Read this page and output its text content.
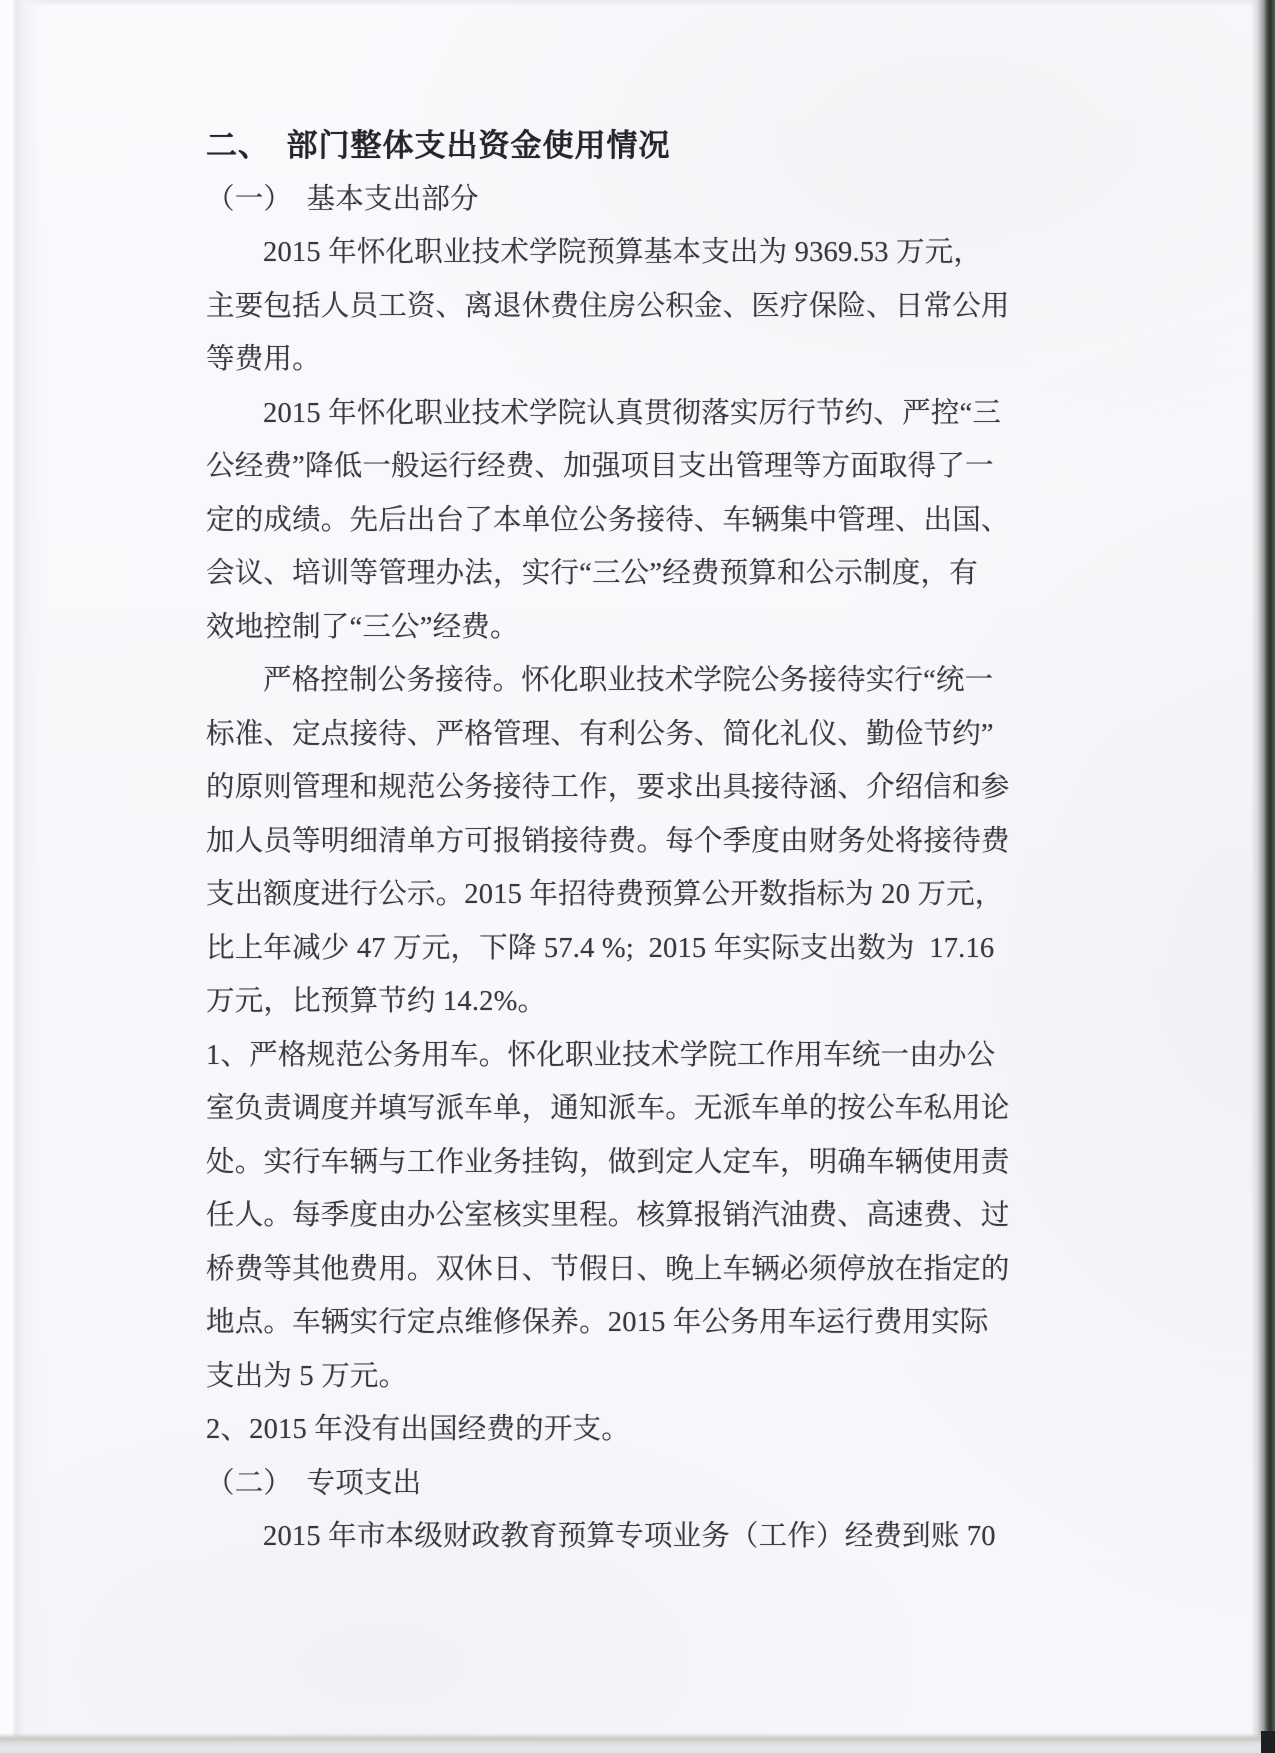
二、　部门整体支出资金使用情况
（一）　基本支出部分
2015 年怀化职业技术学院预算基本支出为 9369.53 万元，
主要包括人员工资、离退休费住房公积金、医疗保险、日常公用
等费用。
2015 年怀化职业技术学院认真贯彻落实厉行节约、严控“三
公经费”降低一般运行经费、加强项目支出管理等方面取得了一
定的成绩。先后出台了本单位公务接待、车辆集中管理、出国、
会议、培训等管理办法，实行“三公”经费预算和公示制度，有
效地控制了“三公”经费。
严格控制公务接待。怀化职业技术学院公务接待实行“统一
标准、定点接待、严格管理、有利公务、简化礼仪、勤俭节约”
的原则管理和规范公务接待工作，要求出具接待涵、介绍信和参
加人员等明细清单方可报销接待费。每个季度由财务处将接待费
支出额度进行公示。2015 年招待费预算公开数指标为 20 万元，
比上年减少 47 万元，下降 57.4 %;  2015 年实际支出数为  17.16
万元，比预算节约 14.2%。
1、严格规范公务用车。怀化职业技术学院工作用车统一由办公
室负责调度并填写派车单，通知派车。无派车单的按公车私用论
处。实行车辆与工作业务挂钩，做到定人定车，明确车辆使用责
任人。每季度由办公室核实里程。核算报销汽油费、高速费、过
桥费等其他费用。双休日、节假日、晚上车辆必须停放在指定的
地点。车辆实行定点维修保养。2015 年公务用车运行费用实际
支出为 5 万元。
2、2015 年没有出国经费的开支。
（二）　专项支出
2015 年市本级财政教育预算专项业务（工作）经费到账 70
